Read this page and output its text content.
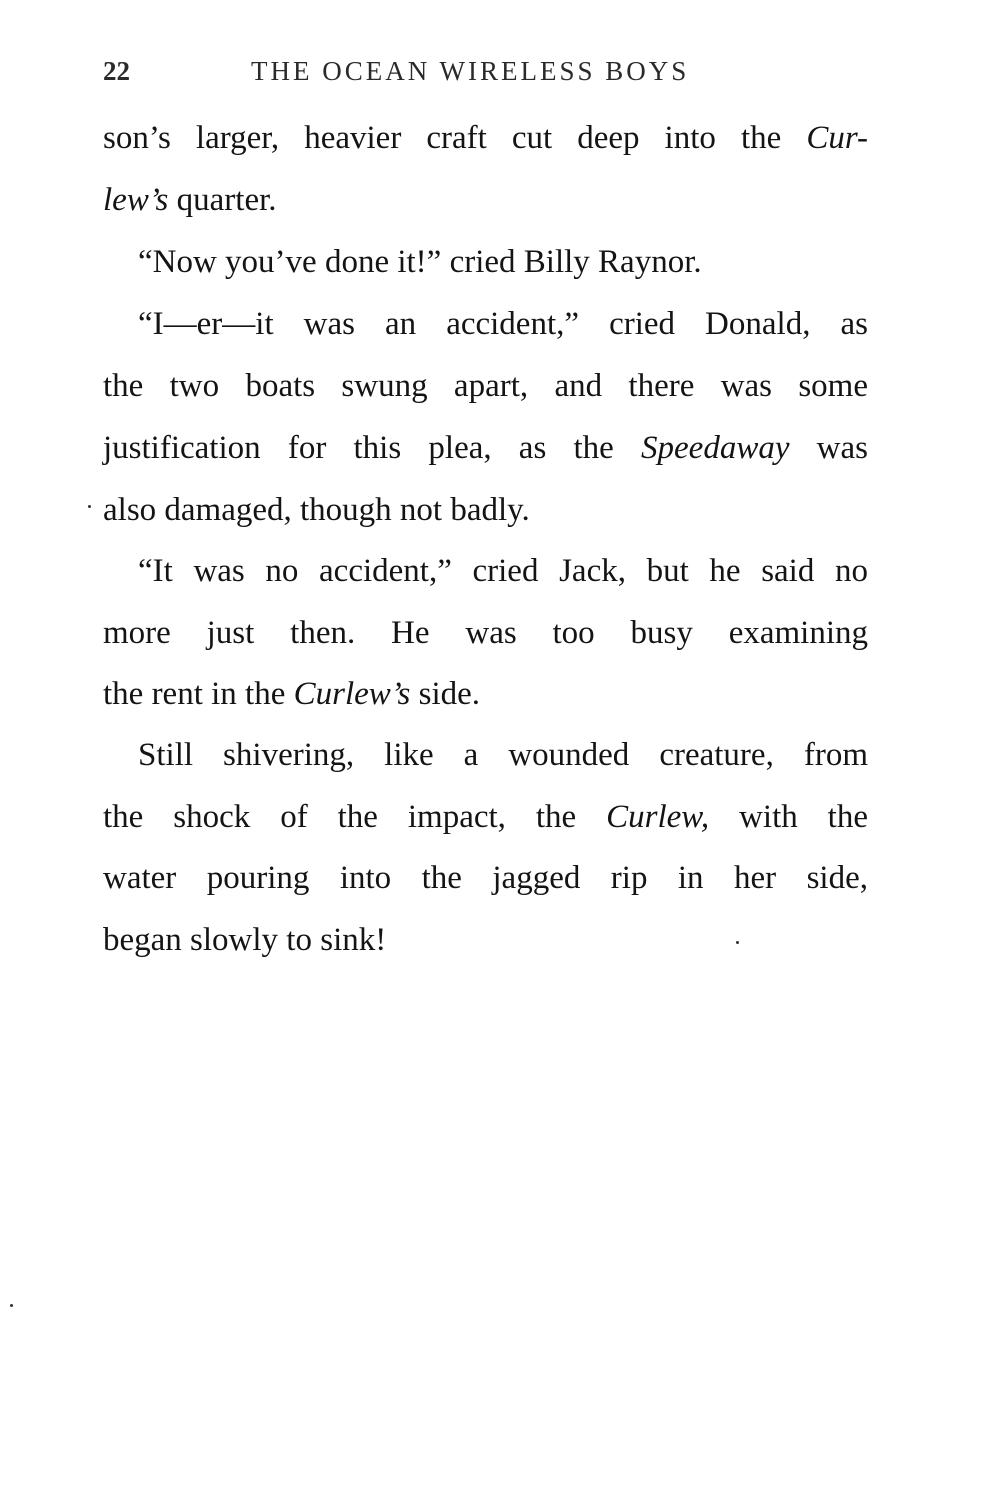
22	THE OCEAN WIRELESS BOYS
son’s larger, heavier craft cut deep into the Cur-
lew’s quarter.
“Now you’ve done it!” cried Billy Raynor.
“I—er—it was an accident,” cried Donald, as
the two boats swung apart, and there was some
justification for this plea, as the Speedaway was
also damaged, though not badly.
“It was no accident,” cried Jack, but he said no
more just then. He was too busy examining
the rent in the Curlew’s side.
Still shivering, like a wounded creature, from
the shock of the impact, the Curlew, with the
water pouring into the jagged rip in her side,
began slowly to sink!
